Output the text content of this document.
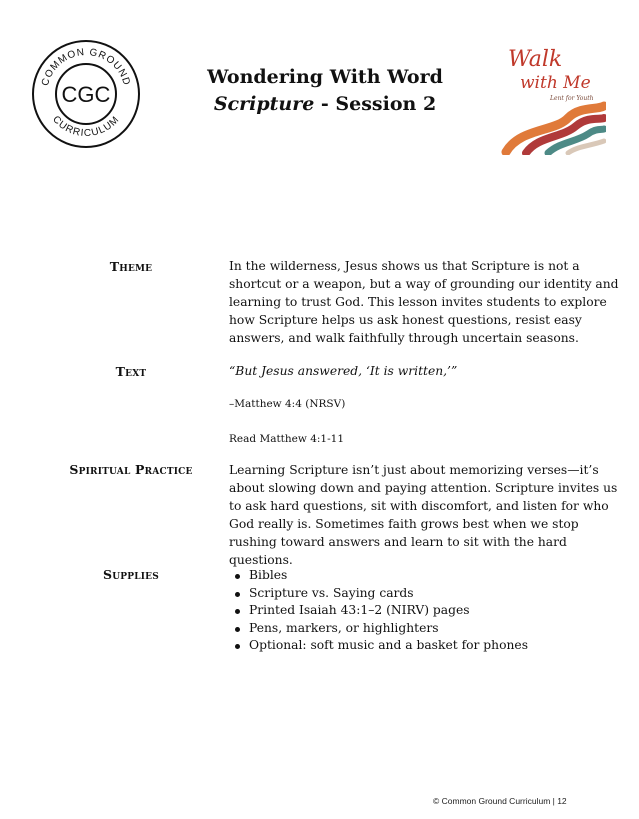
COMMON GROUND
CURRICULUM
CGC
Wondering With Word
Scripture - Session 2
Walk
with Me
Lent for Youth
Theme	In the wilderness, Jesus shows us that Scripture is not a shortcut or a weapon, but a way of grounding our identity and learning to trust God. This lesson invites students to explore how Scripture helps us ask honest questions, resist easy answers, and walk faithfully through uncertain seasons.
Text	“But Jesus answered, ‘It is written,’”
–Matthew 4:4 (NRSV)
Read Matthew 4:1-11
Spiritual Practice	Learning Scripture isn’t just about memorizing verses—it’s about slowing down and paying attention. Scripture invites us to ask hard questions, sit with discomfort, and listen for who God really is. Sometimes faith grows best when we stop rushing toward answers and learn to sit with the hard questions.
Supplies	Bibles
Scripture vs. Saying cards
Printed Isaiah 43:1–2 (NIRV) pages
Pens, markers, or highlighters
Optional: soft music and a basket for phones
© Common Ground Curriculum | 12
